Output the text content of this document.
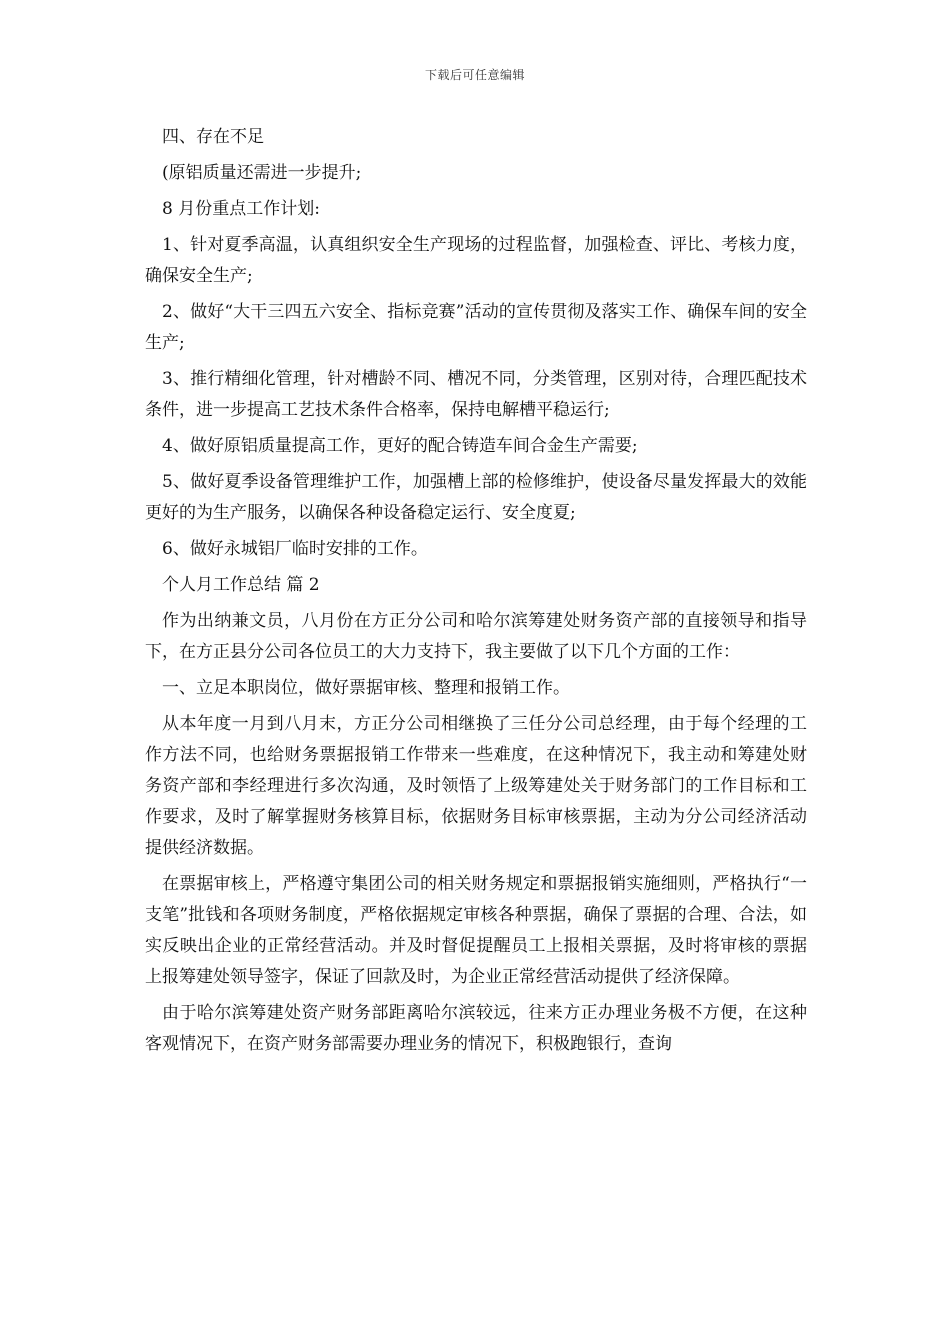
下载后可任意编辑

四、存在不足

(原铝质量还需进一步提升;

8 月份重点工作计划:

1、针对夏季高温，认真组织安全生产现场的过程监督，加强检查、评比、考核力度，确保安全生产;

2、做好“大干三四五六安全、指标竞赛”活动的宣传贯彻及落实工作、确保车间的安全生产;

3、推行精细化管理，针对槽龄不同、槽况不同，分类管理，区别对待，合理匹配技术条件，进一步提高工艺技术条件合格率，保持电解槽平稳运行;

4、做好原铝质量提高工作，更好的配合铸造车间合金生产需要;

5、做好夏季设备管理维护工作，加强槽上部的检修维护，使设备尽量发挥最大的效能更好的为生产服务，以确保各种设备稳定运行、安全度夏;

6、做好永城铝厂临时安排的工作。

个人月工作总结 篇 2

作为出纳兼文员，八月份在方正分公司和哈尔滨筹建处财务资产部的直接领导和指导下，在方正县分公司各位员工的大力支持下，我主要做了以下几个方面的工作：

一、立足本职岗位，做好票据审核、整理和报销工作。

从本年度一月到八月末，方正分公司相继换了三任分公司总经理，由于每个经理的工作方法不同，也给财务票据报销工作带来一些难度，在这种情况下，我主动和筹建处财务资产部和李经理进行多次沟通，及时领悟了上级筹建处关于财务部门的工作目标和工作要求，及时了解掌握财务核算目标，依据财务目标审核票据，主动为分公司经济活动提供经济数据。

在票据审核上，严格遵守集团公司的相关财务规定和票据报销实施细则，严格执行“一支笔”批钱和各项财务制度，严格依据规定审核各种票据，确保了票据的合理、合法，如实反映出企业的正常经营活动。并及时督促提醒员工上报相关票据，及时将审核的票据上报筹建处领导签字，保证了回款及时，为企业正常经营活动提供了经济保障。

由于哈尔滨筹建处资产财务部距离哈尔滨较远，往来方正办理业务极不方便，在这种客观情况下，在资产财务部需要办理业务的情况下，积极跑银行，查询
